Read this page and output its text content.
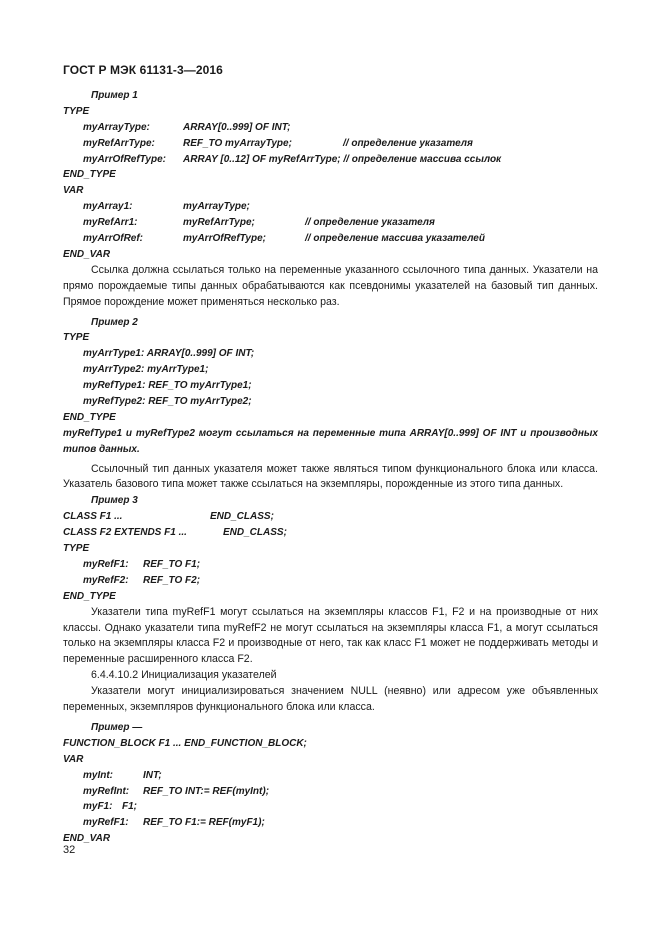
ГОСТ Р МЭК 61131-3—2016
Пример 1
TYPE
myArrayType:	ARRAY[0..999] OF INT;
myRefArrType:	REF_TO myArrayType;	// определение указателя
myArrOfRefType: ARRAY [0..12] OF myRefArrType; // определение массива ссылок
END_TYPE
VAR
myArray1:	myArrayType;
myRefArr1:	myRefArrType;	// определение указателя
myArrOfRef:	myArrOfRefType;	// определение массива указателей
END_VAR

Ссылка должна ссылаться только на переменные указанного ссылочного типа данных. Указатели на прямо порождаемые типы данных обрабатываются как псевдонимы указателей на базовый тип данных. Прямое порождение может применяться несколько раз.

Пример 2
TYPE
myArrType1: ARRAY[0..999] OF INT;
myArrType2: myArrType1;
myRefType1: REF_TO myArrType1;
myRefType2: REF_TO myArrType2;
END_TYPE

myRefType1 и myRefType2 могут ссылаться на переменные типа ARRAY[0..999] OF INT и производных типов данных.

Ссылочный тип данных указателя может также являться типом функционального блока или класса. Указатель базового типа может также ссылаться на экземпляры, порожденные из этого типа данных.

Пример 3
CLASS F1 ...	END_CLASS;
CLASS F2 EXTENDS F1 ...	END_CLASS;
TYPE
myRefF1: REF_TO F1;
myRefF2: REF_TO F2;
END_TYPE

Указатели типа myRefF1 могут ссылаться на экземпляры классов F1, F2 и на производные от них классы. Однако указатели типа myRefF2 не могут ссылаться на экземпляры класса F1, а могут ссылаться только на экземпляры класса F2 и производные от него, так как класс F1 может не поддерживать методы и переменные расширенного класса F2.

6.4.4.10.2 Инициализация указателей

Указатели могут инициализироваться значением NULL (неявно) или адресом уже объявленных переменных, экземпляров функционального блока или класса.

Пример —
FUNCTION_BLOCK F1 ... END_FUNCTION_BLOCK;
VAR
myInt:	INT;
myRefInt: REF_TO INT:= REF(myInt);
myF1: F1;
myRefF1: REF_TO F1:= REF(myF1);
END_VAR
32
